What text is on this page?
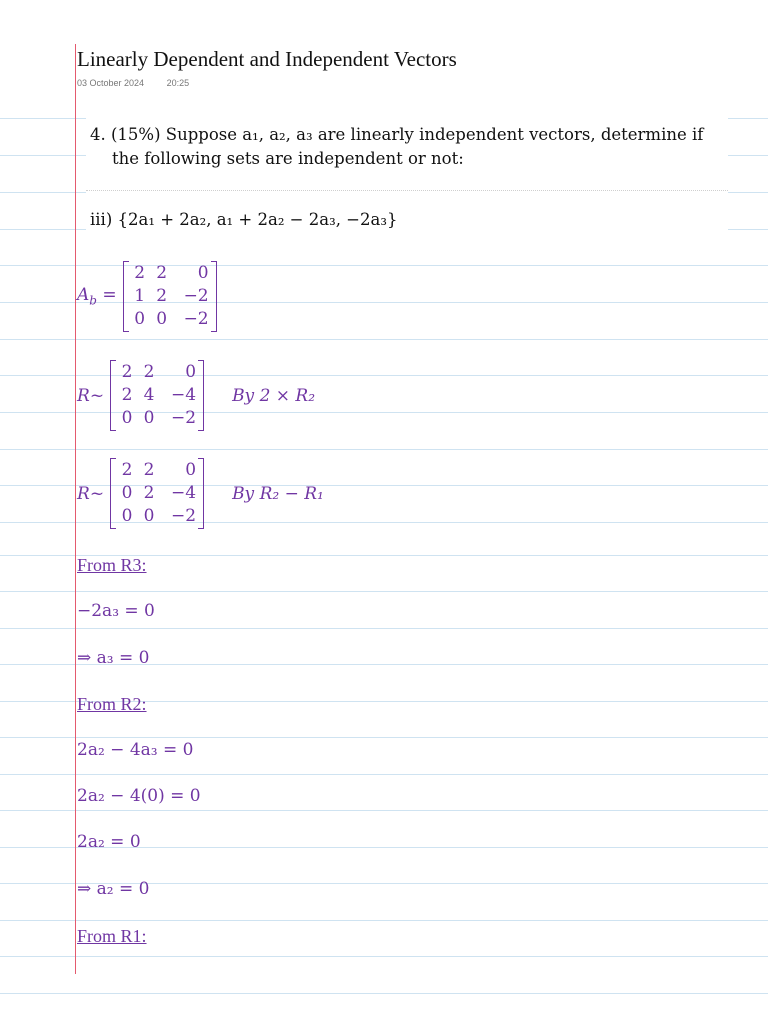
Linearly Dependent and Independent Vectors
03 October 2024	20:25
4. (15%) Suppose a₁, a₂, a₃ are linearly independent vectors, determine if
the following sets are independent or not:
iii) {2a₁ + 2a₂, a₁ + 2a₂ − 2a₃, −2a₃}
$A_b$ =
2 2	0
1 2 −2
0 0 −2
R~
2 2	0
2 4 −4
0 0 −2
By 2 × R₂
R~
2 2	0
0 2 −4
0 0 −2
By R₂ − R₁
From R3:
−2a₃ = 0
⇒ a₃ = 0
From R2:
2a₂ − 4a₃ = 0
2a₂ − 4(0) = 0
2a₂ = 0
⇒ a₂ = 0
From R1:
